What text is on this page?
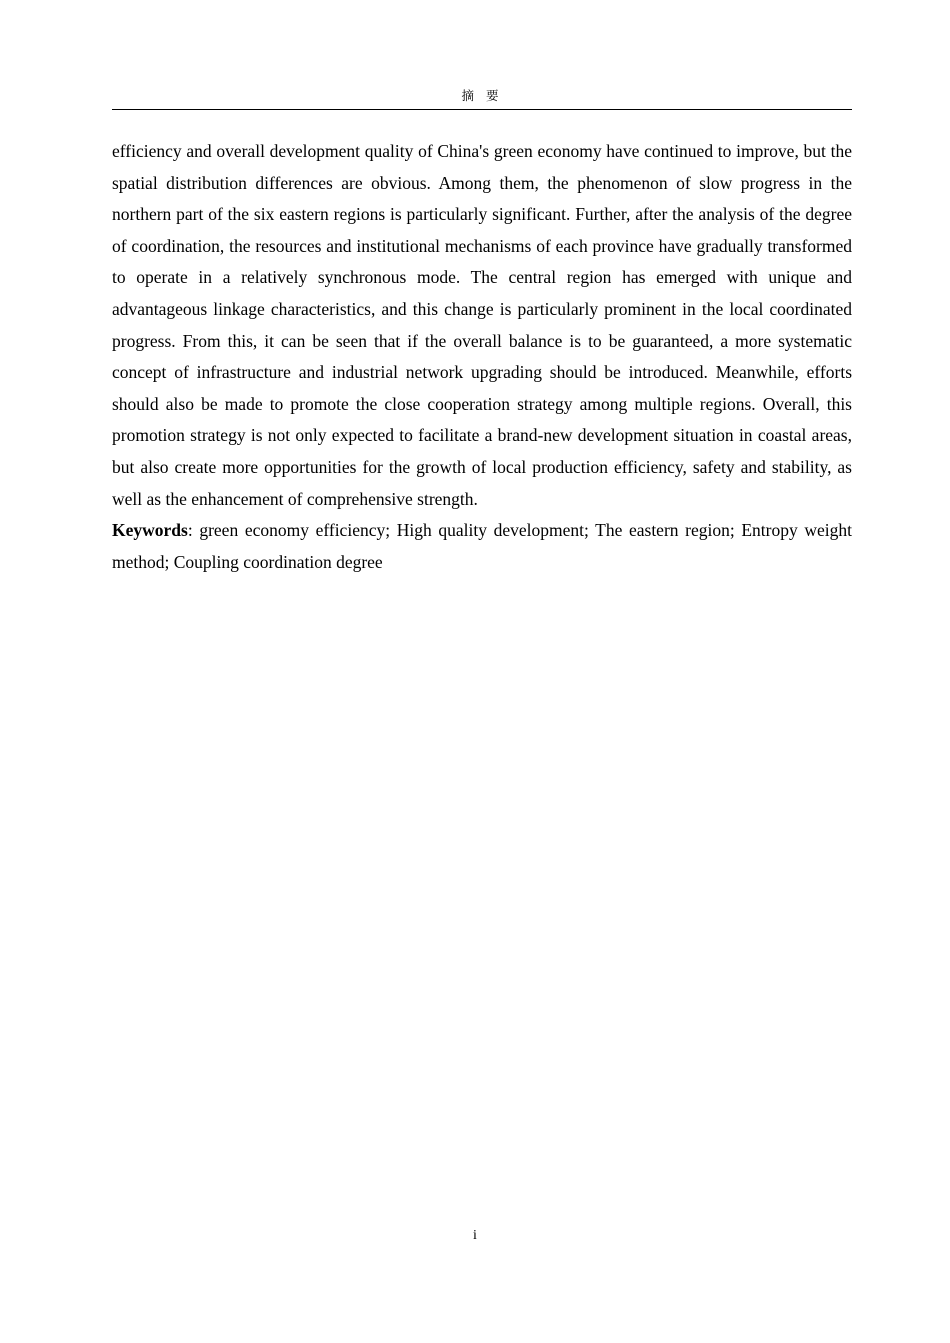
摘 要

efficiency and overall development quality of China's green economy have continued to improve, but the spatial distribution differences are obvious. Among them, the phenomenon of slow progress in the northern part of the six eastern regions is particularly significant. Further, after the analysis of the degree of coordination, the resources and institutional mechanisms of each province have gradually transformed to operate in a relatively synchronous mode. The central region has emerged with unique and advantageous linkage characteristics, and this change is particularly prominent in the local coordinated progress. From this, it can be seen that if the overall balance is to be guaranteed, a more systematic concept of infrastructure and industrial network upgrading should be introduced. Meanwhile, efforts should also be made to promote the close cooperation strategy among multiple regions. Overall, this promotion strategy is not only expected to facilitate a brand-new development situation in coastal areas, but also create more opportunities for the growth of local production efficiency, safety and stability, as well as the enhancement of comprehensive strength.

Keywords: green economy efficiency; High quality development; The eastern region; Entropy weight method; Coupling coordination degree
i
